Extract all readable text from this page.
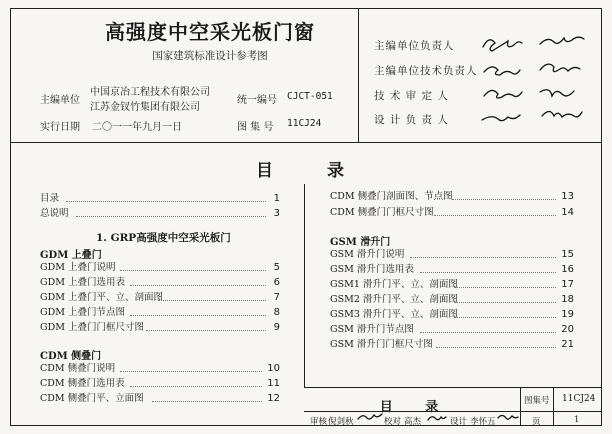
高强度中空采光板门窗
国家建筑标准设计参考图
主编单位
中国京冶工程技术有限公司
江苏金钗竹集团有限公司
统一编号 CJCT-051
实行日期 二〇一一年九月一日	图 集 号 11CJ24
主编单位负责人
主编单位技术负责人
技 术 审 定 人
设 计 负 责 人
目 录
目录	1
总说明	3
1. GRP高强度中空采光板门
GDM 上叠门
GDM 上叠门说明	5
GDM 上叠门选用表	6
GDM 上叠门平、立、剖面图	7
GDM 上叠门节点图	8
GDM 上叠门门框尺寸图	9
CDM 侧叠门
CDM 侧叠门说明	10
CDM 侧叠门选用表	11
CDM 侧叠门平、立面图	12
CDM 侧叠门剖面图、节点图	13
CDM 侧叠门门框尺寸图	14
GSM 滑升门
GSM 滑升门说明	15
GSM 滑升门选用表	16
GSM1 滑升门平、立、剖面图	17
GSM2 滑升门平、立、剖面图	18
GSM3 滑升门平、立、剖面图	19
GSM 滑升门节点图	20
GSM 滑升门门框尺寸图	21
目 录	图集号 11CJ24
审核 倪剑秋	校对 高杰	设计 李怀五	页	1
